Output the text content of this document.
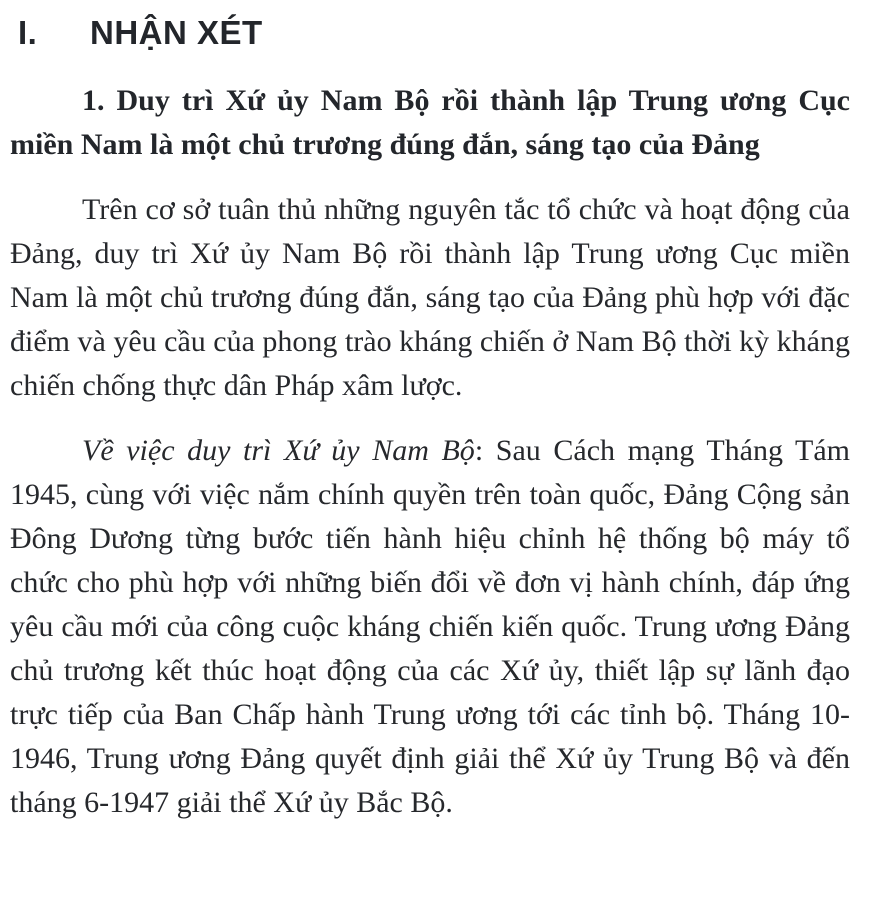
I.	NHẬN XÉT
1. Duy trì Xứ ủy Nam Bộ rồi thành lập Trung ương Cục miền Nam là một chủ trương đúng đắn, sáng tạo của Đảng

Trên cơ sở tuân thủ những nguyên tắc tổ chức và hoạt động của Đảng, duy trì Xứ ủy Nam Bộ rồi thành lập Trung ương Cục miền Nam là một chủ trương đúng đắn, sáng tạo của Đảng phù hợp với đặc điểm và yêu cầu của phong trào kháng chiến ở Nam Bộ thời kỳ kháng chiến chống thực dân Pháp xâm lược.

Về việc duy trì Xứ ủy Nam Bộ: Sau Cách mạng Tháng Tám 1945, cùng với việc nắm chính quyền trên toàn quốc, Đảng Cộng sản Đông Dương từng bước tiến hành hiệu chỉnh hệ thống bộ máy tổ chức cho phù hợp với những biến đổi về đơn vị hành chính, đáp ứng yêu cầu mới của công cuộc kháng chiến kiến quốc. Trung ương Đảng chủ trương kết thúc hoạt động của các Xứ ủy, thiết lập sự lãnh đạo trực tiếp của Ban Chấp hành Trung ương tới các tỉnh bộ. Tháng 10-1946, Trung ương Đảng quyết định giải thể Xứ ủy Trung Bộ và đến tháng 6-1947 giải thể Xứ ủy Bắc Bộ.
